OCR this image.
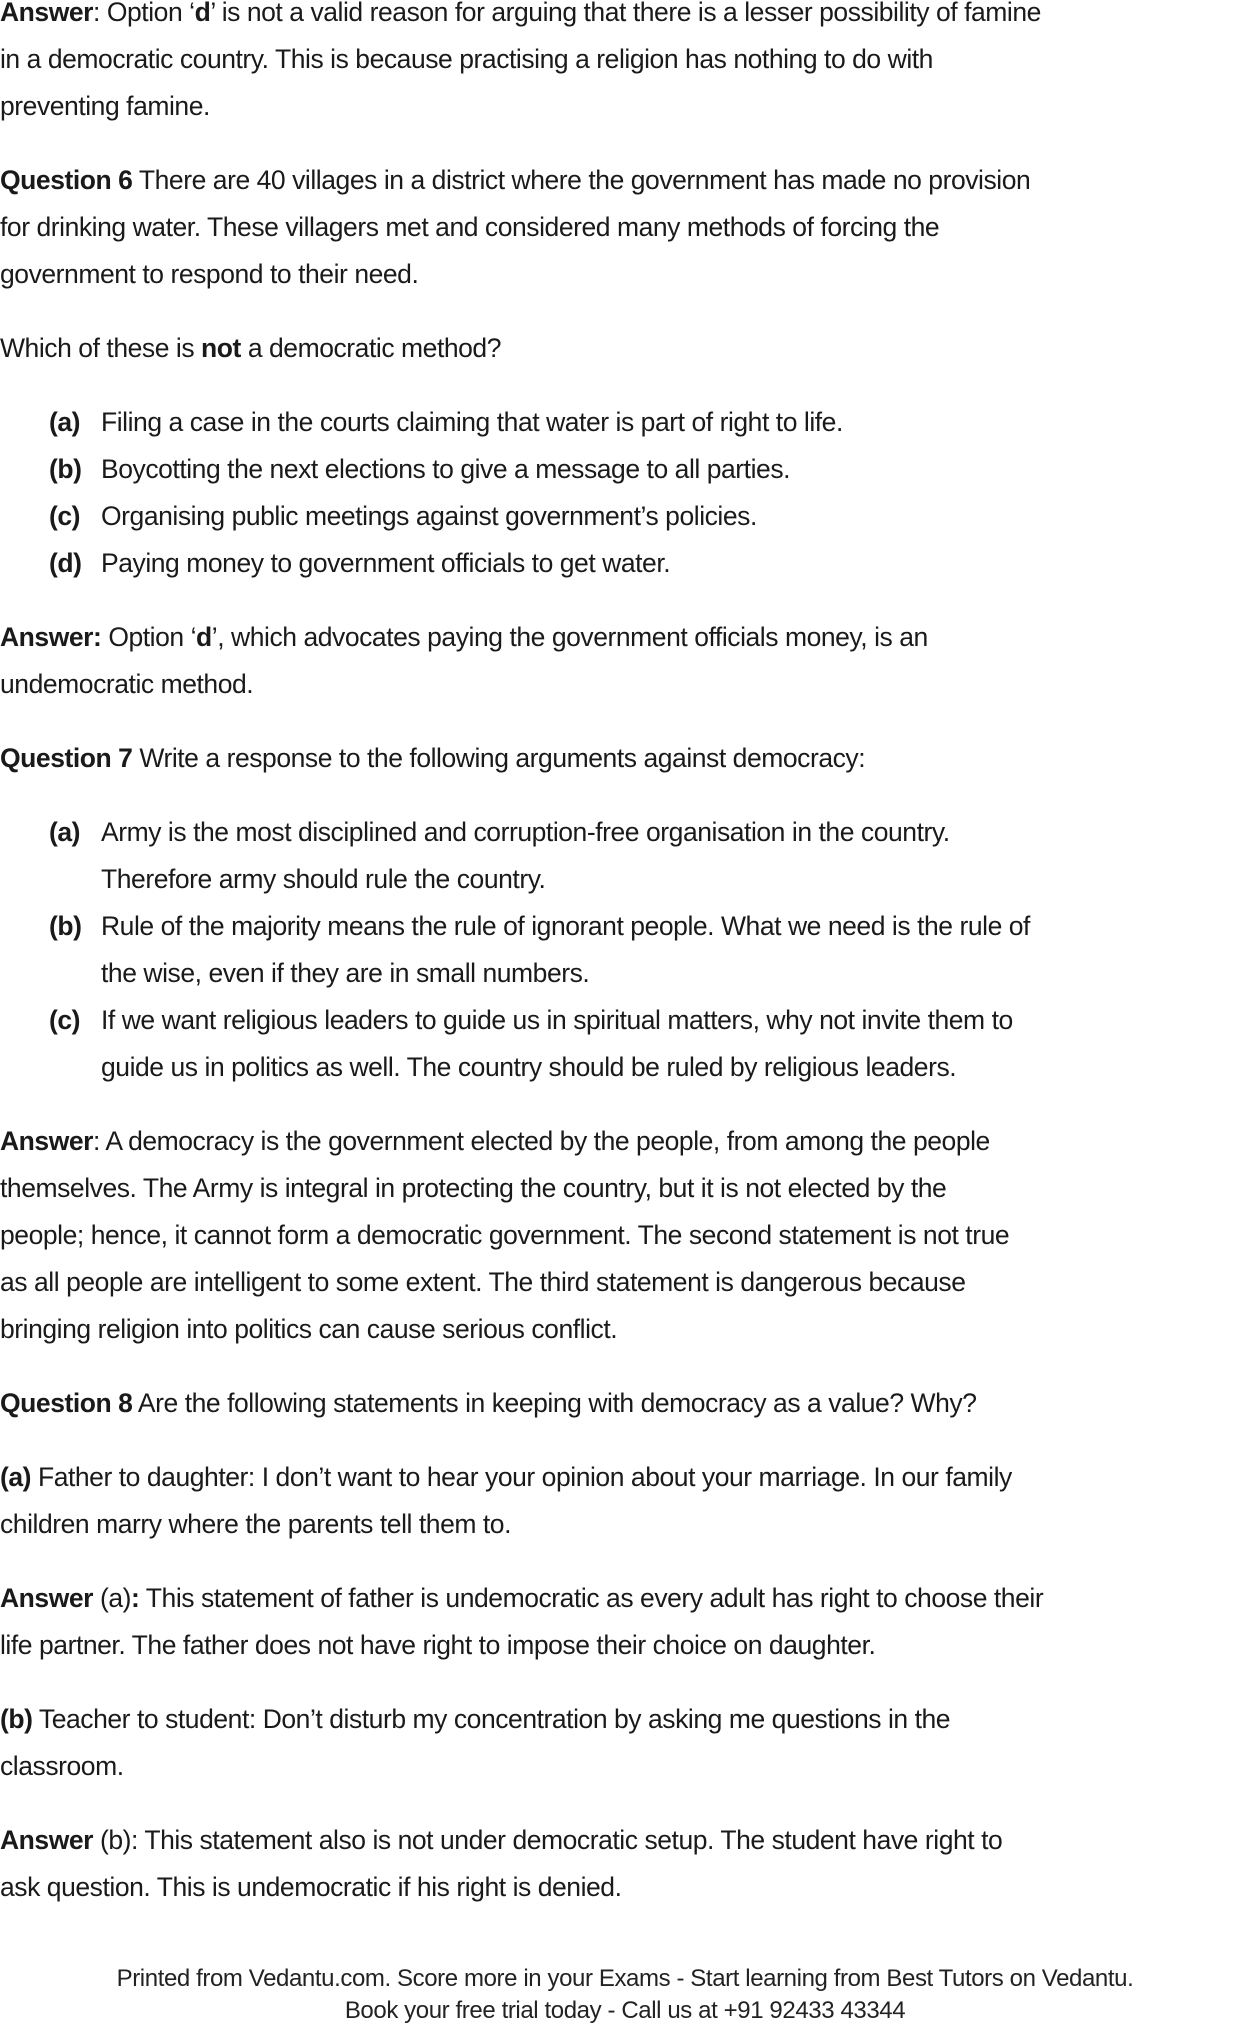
Answer: Option ‘d’ is not a valid reason for arguing that there is a lesser possibility of famine
in a democratic country. This is because practising a religion has nothing to do with
preventing famine.
Question 6 There are 40 villages in a district where the government has made no provision
for drinking water. These villagers met and considered many methods of forcing the
government to respond to their need.
Which of these is not a democratic method?
(a) Filing a case in the courts claiming that water is part of right to life.
(b) Boycotting the next elections to give a message to all parties.
(c) Organising public meetings against government’s policies.
(d) Paying money to government officials to get water.
Answer: Option ‘d’, which advocates paying the government officials money, is an
undemocratic method.
Question 7 Write a response to the following arguments against democracy:
(a) Army is the most disciplined and corruption-free organisation in the country.
Therefore army should rule the country.
(b) Rule of the majority means the rule of ignorant people. What we need is the rule of
the wise, even if they are in small numbers.
(c) If we want religious leaders to guide us in spiritual matters, why not invite them to
guide us in politics as well. The country should be ruled by religious leaders.
Answer: A democracy is the government elected by the people, from among the people
themselves. The Army is integral in protecting the country, but it is not elected by the
people; hence, it cannot form a democratic government. The second statement is not true
as all people are intelligent to some extent. The third statement is dangerous because
bringing religion into politics can cause serious conflict.
Question 8 Are the following statements in keeping with democracy as a value? Why?
(a) Father to daughter: I don’t want to hear your opinion about your marriage. In our family
children marry where the parents tell them to.
Answer (a): This statement of father is undemocratic as every adult has right to choose their
life partner. The father does not have right to impose their choice on daughter.
(b) Teacher to student: Don’t disturb my concentration by asking me questions in the
classroom.
Answer (b): This statement also is not under democratic setup. The student have right to
ask question. This is undemocratic if his right is denied.
Printed from Vedantu.com. Score more in your Exams - Start learning from Best Tutors on Vedantu.
Book your free trial today - Call us at +91 92433 43344
